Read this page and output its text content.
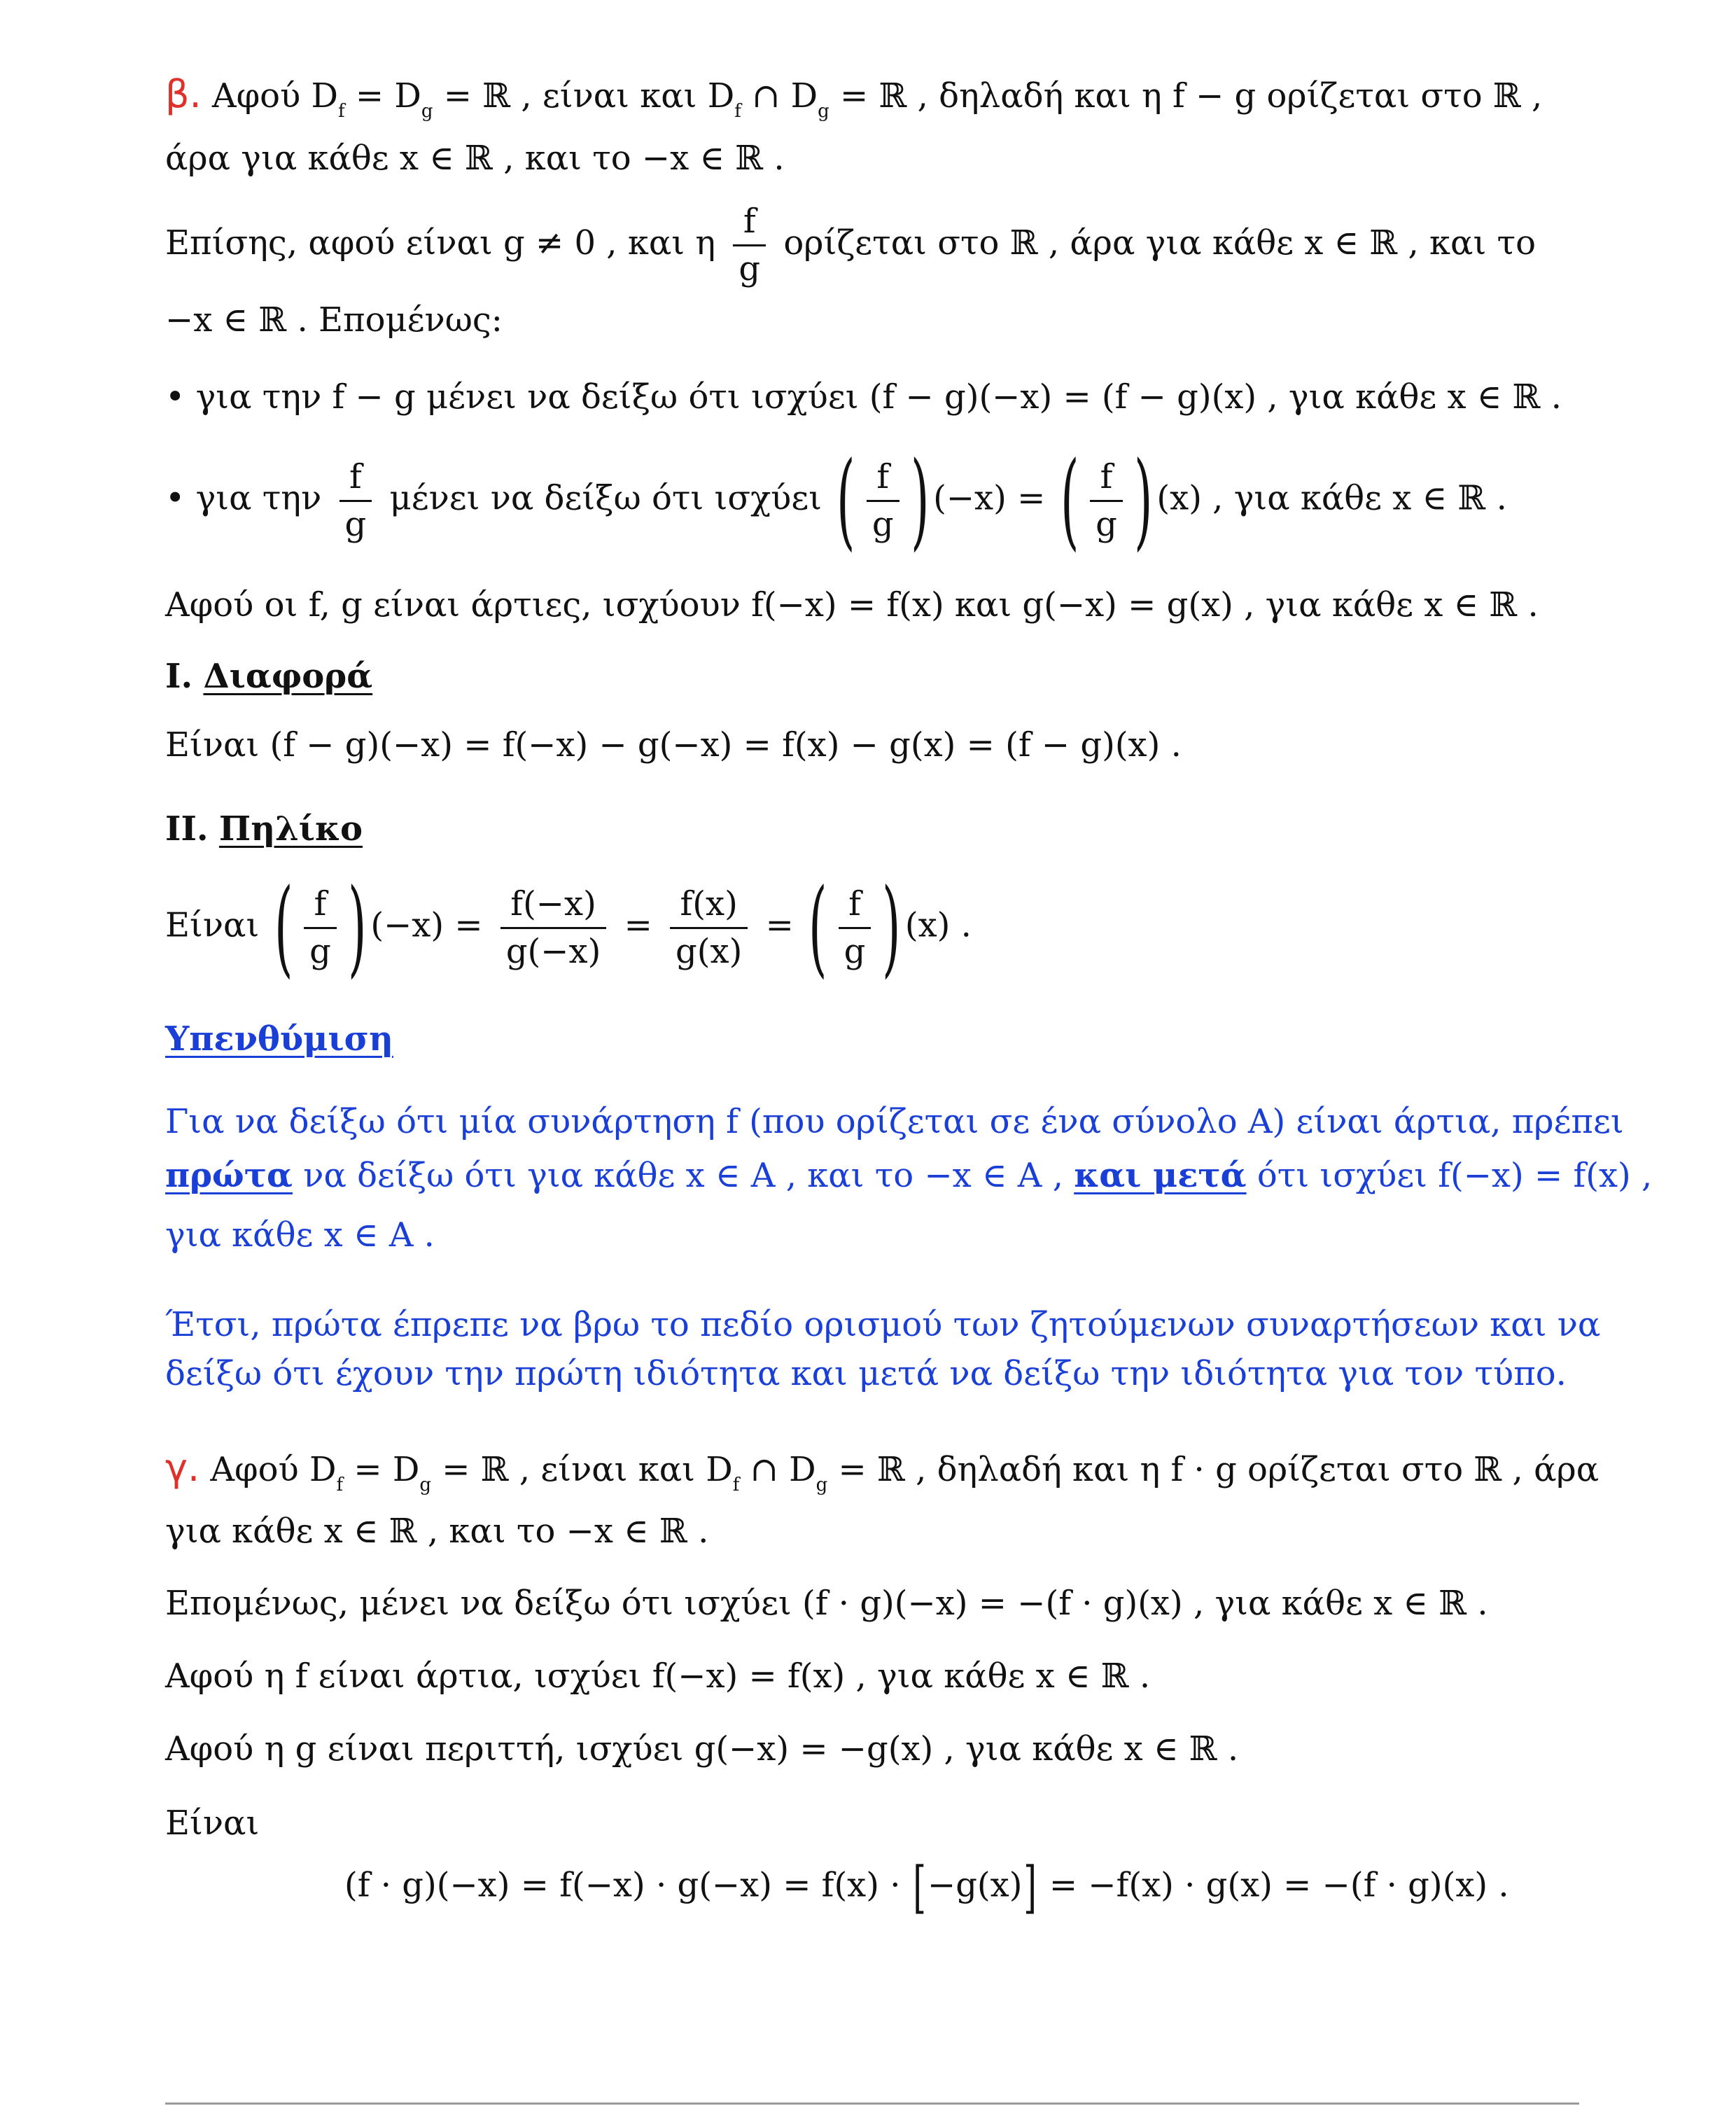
β. Αφού $D_f = D_g$ = ℝ , είναι και $D_f$ ∩ $D_g$ = ℝ , δηλαδή και η f − g ορίζεται στο ℝ ,
άρα για κάθε x ∈ ℝ , και το −x ∈ ℝ .
Επίσης, αφού είναι g ≠ 0 , και η $\frac{f}{g}$ ορίζεται στο ℝ , άρα για κάθε x ∈ ℝ , και το
−x ∈ ℝ . Επομένως:
• για την f − g μένει να δείξω ότι ισχύει (f − g)(−x) = (f − g)(x) , για κάθε x ∈ ℝ .
• για την $\frac{f}{g}$ μένει να δείξω ότι ισχύει ( $\frac{f}{g}$ ) (−x) = ( $\frac{f}{g}$ ) (x) , για κάθε x ∈ ℝ .
Αφού οι f, g είναι άρτιες, ισχύουν f(−x) = f(x) και g(−x) = g(x) , για κάθε x ∈ ℝ .
Ι. Διαφορά
Είναι (f − g)(−x) = f(−x) − g(−x) = f(x) − g(x) = (f − g)(x) .
ΙΙ. Πηλίκο
Είναι ( $\frac{f}{g}$ ) $(-x) = \frac{f(-x)}{g(-x)} = \frac{f(x)}{g(x)}$ = ( $\frac{f}{g}$ ) (x) .
Υπενθύμιση
Για να δείξω ότι μία συνάρτηση f (που ορίζεται σε ένα σύνολο Α) είναι άρτια, πρέπει
πρώτα να δείξω ότι για κάθε x ∈ A , και το −x ∈ A , και μετά ότι ισχύει f(−x) = f(x) ,
για κάθε x ∈ A .
Έτσι, πρώτα έπρεπε να βρω το πεδίο ορισμού των ζητούμενων συναρτήσεων και να
δείξω ότι έχουν την πρώτη ιδιότητα και μετά να δείξω την ιδιότητα για τον τύπο.
γ. Αφού $D_f = D_g$ = ℝ , είναι και $D_f$ ∩ $D_g$ = ℝ , δηλαδή και η f · g ορίζεται στο ℝ , άρα
για κάθε x ∈ ℝ , και το −x ∈ ℝ .
Επομένως, μένει να δείξω ότι ισχύει (f · g)(−x) = −(f · g)(x) , για κάθε x ∈ ℝ .
Αφού η f είναι άρτια, ισχύει f(−x) = f(x) , για κάθε x ∈ ℝ .
Αφού η g είναι περιττή, ισχύει g(−x) = −g(x) , για κάθε x ∈ ℝ .
Είναι
(f · g)(−x) = f(−x) · g(−x) = f(x) · [−g(x)] = −f(x) · g(x) = −(f · g)(x) .
